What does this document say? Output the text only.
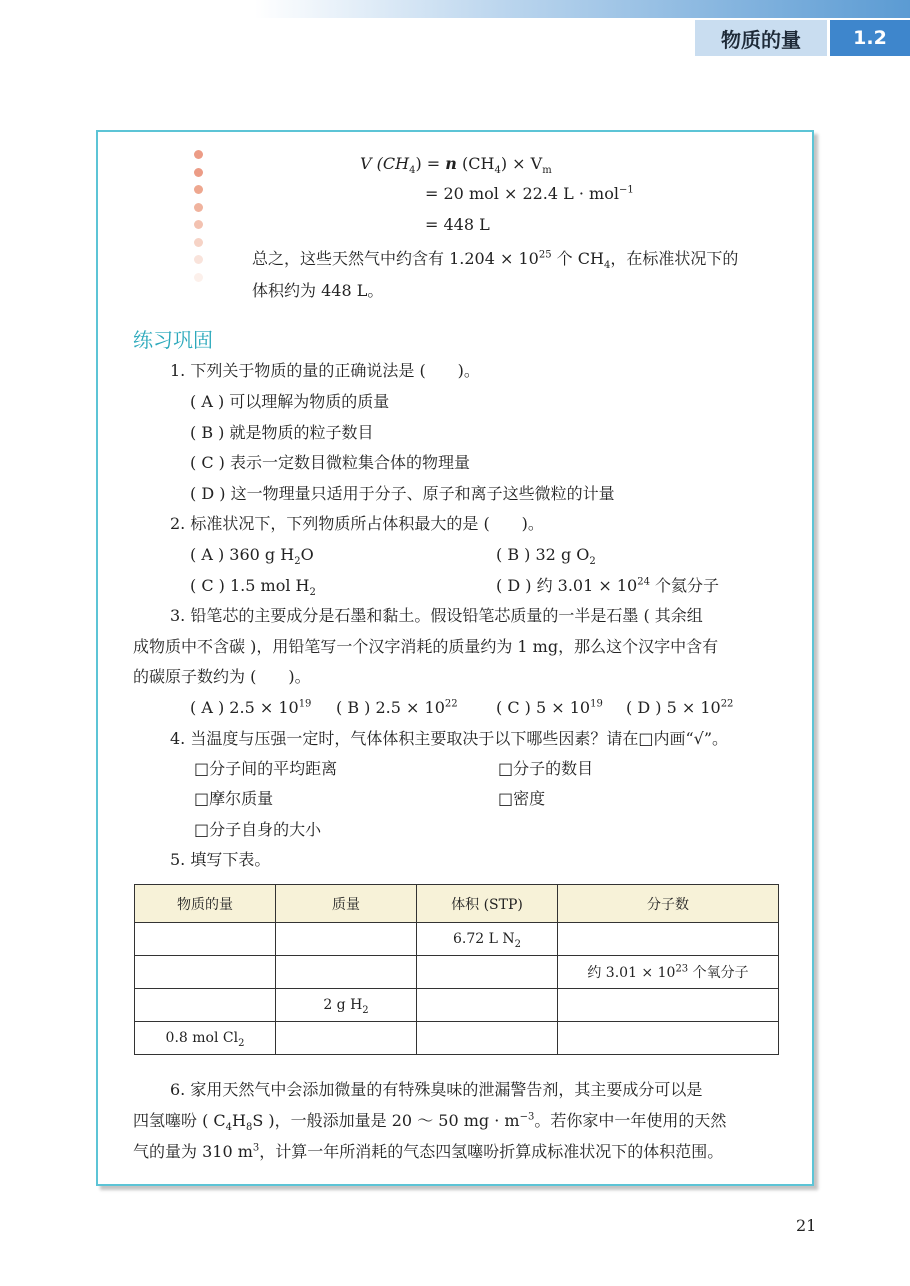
物质的量	1.2
V $(CH_4) = n$ $(CH_4) \times V_m$
= 20 mol × 22.4 L · mol$^{-1}$
= 448 L
总之，这些天然气中约含有 $1.204 \times 10^{25}$ 个 $CH_4$，在标准状况下的
体积约为 448 L。
练习巩固
1. 下列关于物质的量的正确说法是 (　　)。
( A ) 可以理解为物质的质量
( B ) 就是物质的粒子数目
( C ) 表示一定数目微粒集合体的物理量
( D ) 这一物理量只适用于分子、原子和离子这些微粒的计量
2. 标准状况下，下列物质所占体积最大的是 (　　)。
( A ) 360 g $H_2O$	( B ) 32 g $O_2$
( C ) 1.5 mol $H_2$	( D ) 约 $3.01 \times 10^{24}$ 个氦分子
3. 铅笔芯的主要成分是石墨和黏土。假设铅笔芯质量的一半是石墨 ( 其余组
成物质中不含碳 )，用铅笔写一个汉字消耗的质量约为 1 mg，那么这个汉字中含有
的碳原子数约为 (　　)。
( A ) $2.5 \times 10^{19}$ ( B ) $2.5 \times 10^{22}$ ( C ) $5 \times 10^{19}$ ( D ) $5 \times 10^{22}$
4. 当温度与压强一定时，气体体积主要取决于以下哪些因素？请在□内画“√”。
□分子间的平均距离	□分子的数目
□摩尔质量	□密度
□分子自身的大小
5. 填写下表。
物质的量	质量	体积 (STP)	分子数
		6.72 L $N_2$	
			约 $3.01 \times 10^{23}$ 个氧分子
	2 g $H_2$		
0.8 mol $Cl_2$			
6. 家用天然气中会添加微量的有特殊臭味的泄漏警告剂，其主要成分可以是
四氢噻吩 ( $C_4H_8S$ )，一般添加量是 20 ～ 50 mg · $m^{-3}$。若你家中一年使用的天然
气的量为 310 $m^3$，计算一年所消耗的气态四氢噻吩折算成标准状况下的体积范围。
21
